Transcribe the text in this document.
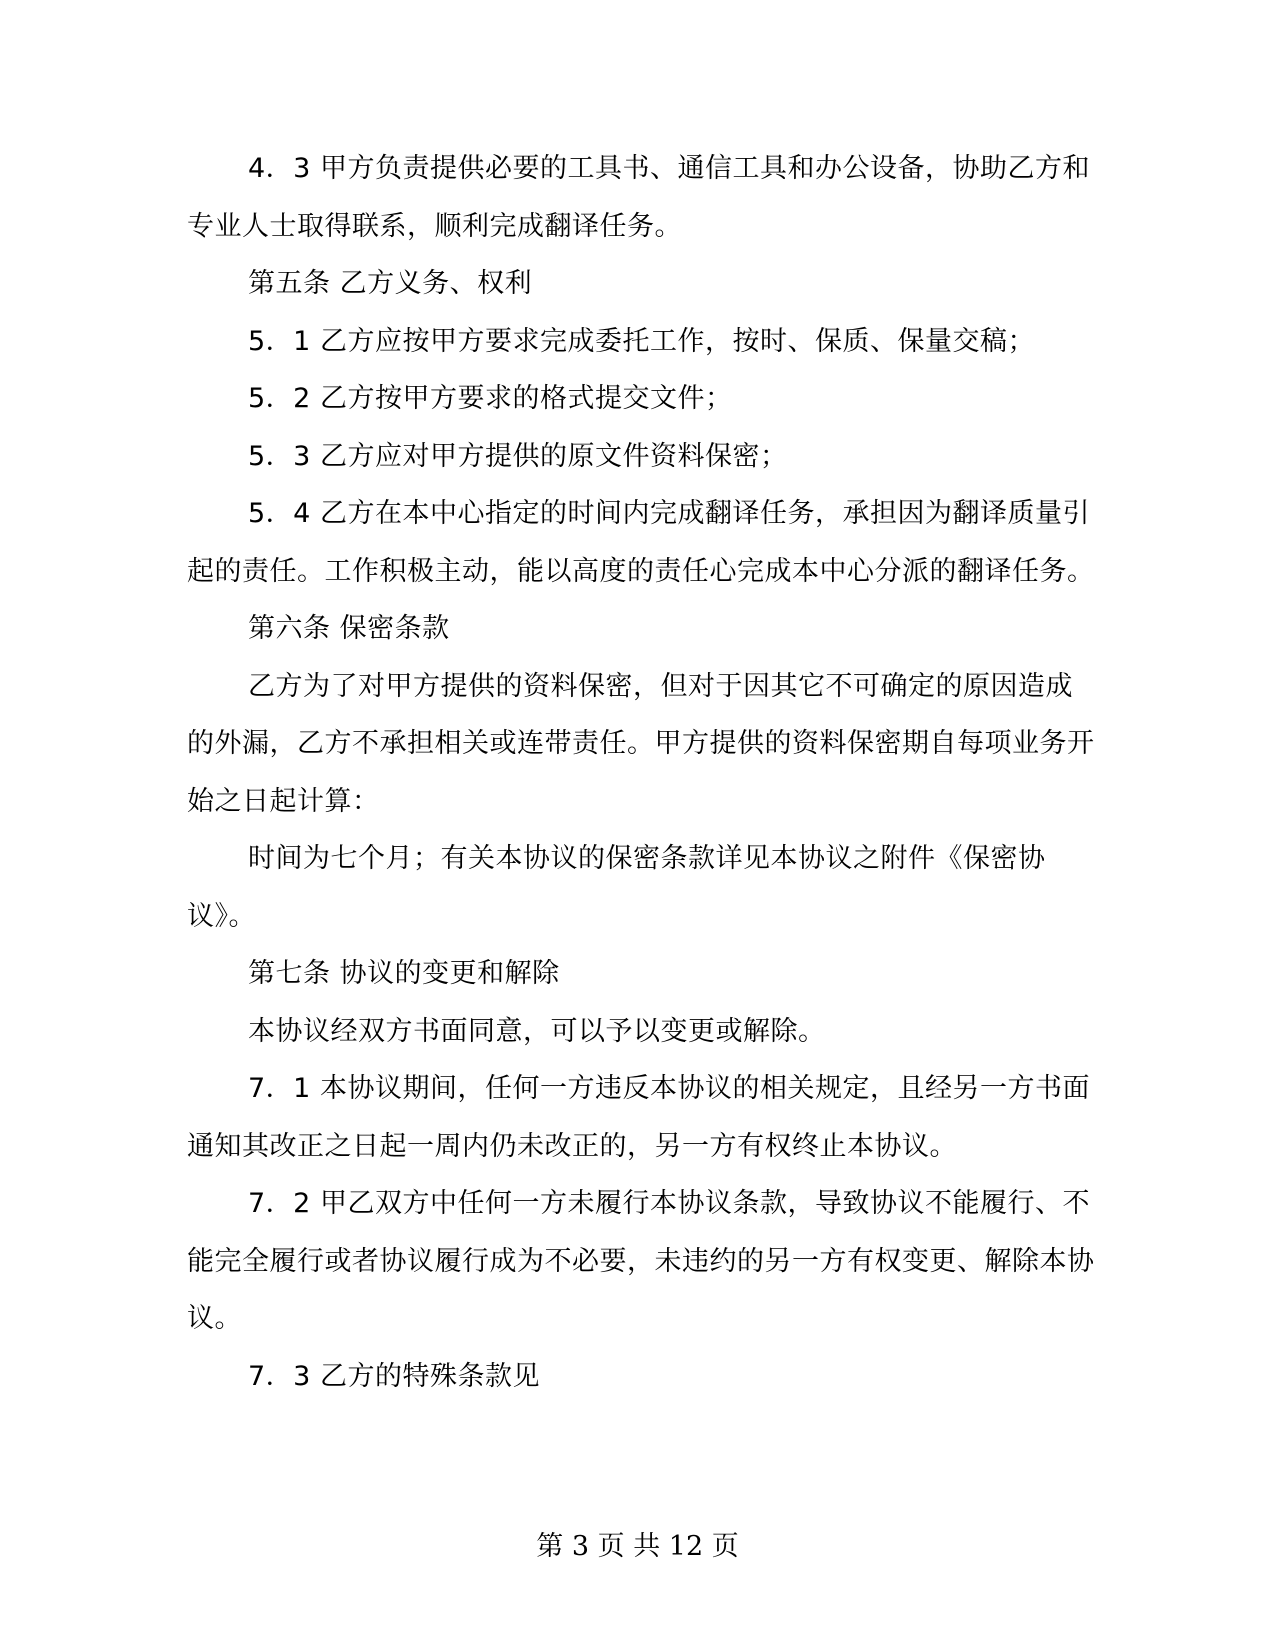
4．3 甲方负责提供必要的工具书、通信工具和办公设备，协助乙方和专业人士取得联系，顺利完成翻译任务。

第五条 乙方义务、权利

5．1 乙方应按甲方要求完成委托工作，按时、保质、保量交稿；

5．2 乙方按甲方要求的格式提交文件；

5．3 乙方应对甲方提供的原文件资料保密；

5．4 乙方在本中心指定的时间内完成翻译任务，承担因为翻译质量引起的责任。工作积极主动，能以高度的责任心完成本中心分派的翻译任务。

第六条 保密条款

乙方为了对甲方提供的资料保密，但对于因其它不可确定的原因造成的外漏，乙方不承担相关或连带责任。甲方提供的资料保密期自每项业务开始之日起计算：

时间为七个月；有关本协议的保密条款详见本协议之附件《保密协议》。

第七条 协议的变更和解除

本协议经双方书面同意，可以予以变更或解除。

7．1 本协议期间，任何一方违反本协议的相关规定，且经另一方书面通知其改正之日起一周内仍未改正的，另一方有权终止本协议。

7．2 甲乙双方中任何一方未履行本协议条款，导致协议不能履行、不能完全履行或者协议履行成为不必要，未违约的另一方有权变更、解除本协议。

7．3 乙方的特殊条款见

第 3 页 共 12 页
